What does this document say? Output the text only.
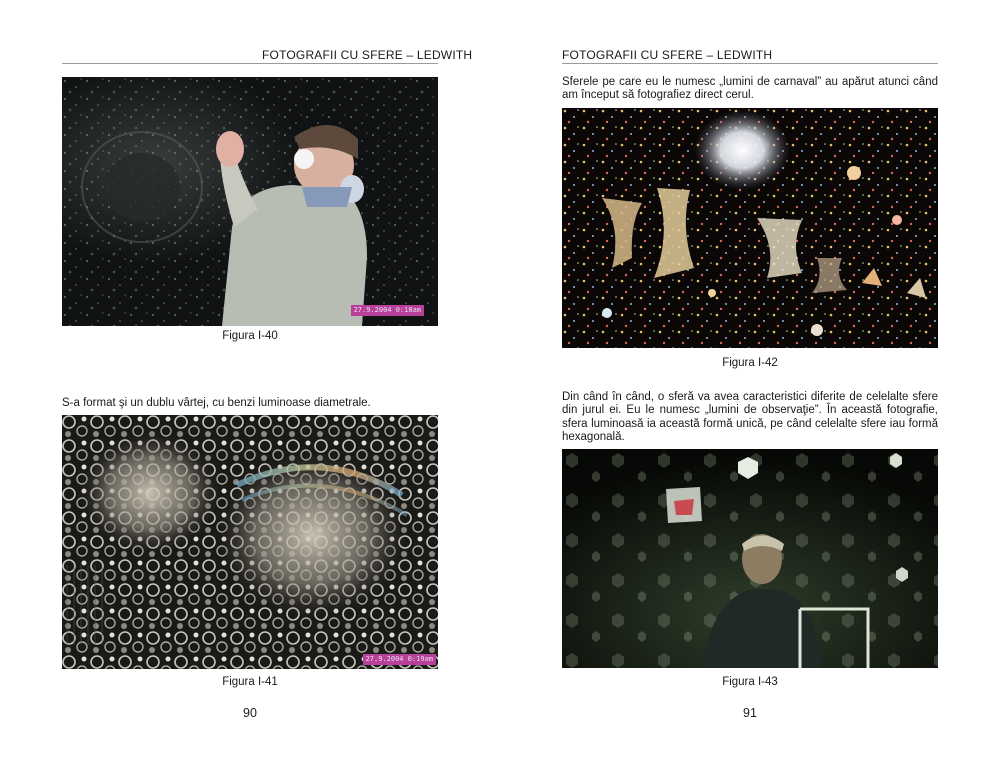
FOTOGRAFII CU SFERE – LEDWITH
27.9.2004 0:18am
Figura I-40
S-a format şi un dublu vârtej, cu benzi luminoase diametrale.
27.9.2004 0:19am
Figura I-41
90
FOTOGRAFII CU SFERE – LEDWITH
Sferele pe care eu le numesc „lumini de carnaval” au apărut atunci când am început să fotografiez direct cerul.
Figura I-42
Din când în când, o sferă va avea caracteristici diferite de celelalte sfere din jurul ei. Eu le numesc „lumini de observaţie”. În această fotografie, sfera luminoasă ia această formă unică, pe când celelalte sfere iau formă hexagonală.
Figura I-43
91
